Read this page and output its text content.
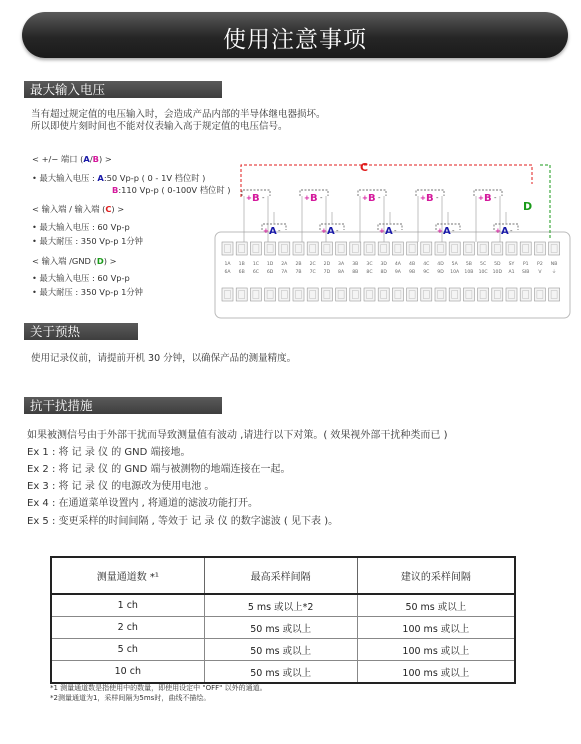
使用注意事项
最大输入电压
当有超过规定值的电压输入时，会造成产品内部的半导体继电器损坏。
所以即使片刻时间也不能对仪表输入高于规定值的电压信号。
< +/− 端口 (A/B) >
• 最大输入电压 : A:50 Vp-p ( 0 - 1V 档位时 )
B:110 Vp-p ( 0-100V 档位时 )
< 输入端 / 输入端 (C) >
• 最大输入电压 : 60 Vp-p
• 最大耐压 : 350 Vp-p 1分钟
< 输入端 /GND (D) >
• 最大输入电压 : 60 Vp-p
• 最大耐压 : 350 Vp-p 1分钟
C
D
+ B -
+ A -
+ B -
+ A -
+ B -
+ A -
+ B -
+ A -
+ B -
+ A -
1A 1B 1C 1D 2A 2B 2C 2D 3A 3B 3C 3D 4A 4B 4C 4D 5A 5B 5C 5D SY P1 P2 NB
6A 6B 6C 6D 7A 7B 7C 7D 8A 8B 8C 8D 9A 9B 9C 9D 10A 10B 10C 10D A1 SIB V ⏚
关于预热
使用记录仪前，请提前开机 30 分钟，以确保产品的测量精度。
抗干扰措施
如果被测信号由于外部干扰而导致测量值有波动 ,请进行以下对策。( 效果视外部干扰种类而已 )
Ex 1 : 将 记 录 仪 的 GND 端接地。
Ex 2 : 将 记 录 仪 的 GND 端与被测物的地端连接在一起。
Ex 3 : 将 记 录 仪 的电源改为使用电池 。
Ex 4 : 在通道菜单设置内 , 将通道的滤波功能打开。
Ex 5 : 变更采样的时间间隔 , 等效于 记 录 仪 的数字滤波 ( 见下表 )。
测量通道数 *¹	最高采样间隔	建议的采样间隔
1 ch	5 ms 或以上*2	50 ms 或以上
2 ch	50 ms 或以上	100 ms 或以上
5 ch	50 ms 或以上	100 ms 或以上
10 ch	50 ms 或以上	100 ms 或以上
*1 测量通道数是指使用中的数量，即使用设定中 "OFF" 以外的通道。
*2测量通道为1，采样间隔为5ms时，曲线不描绘。
